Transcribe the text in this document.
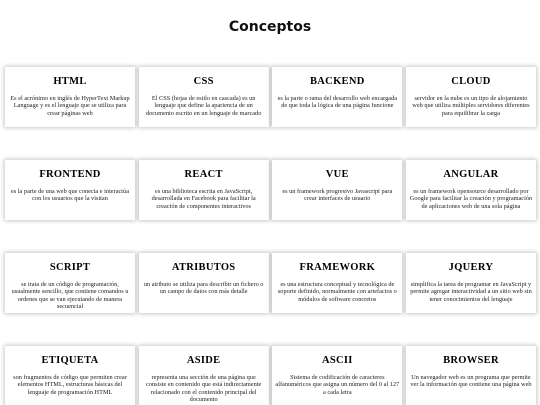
Conceptos
HTML

Es el acrónimo en inglés de HyperText Markup Language y es el lenguaje que se utiliza para crear páginas web

CSS

El CSS (hojas de estilo en cascada) es un lenguaje que define la apariencia de un documento escrito en un lenguaje de marcado

BACKEND

es la parte o rama del desarrollo web encargada de que toda la lógica de una página funcione

CLOUD

servidor en la nube es un tipo de alojamiento web que utiliza múltiples servidores diferentes para equilibrar la carga

FRONTEND

es la parte de una web que conecta e interactúa con los usuarios que la visitan

REACT

es una biblioteca escrita en JavaScript, desarrollada en Facebook para facilitar la creación de componentes interactivos

VUE

es un framework progresivo Javascript para crear interfaces de usuario

ANGULAR

es un framework opensource desarrollado por Google para facilitar la creación y programación de aplicaciones web de una sola página

SCRIPT

se trata de un código de programación, usualmente sencillo, que contiene comandos u ordenes que se van ejecutando de manera secuencial

ATRIBUTOS

un atributo se utiliza para describir un fichero o un campo de datos con más detalle

FRAMEWORK

es una estructura conceptual y tecnológica de soporte definido, normalmente con artefactos o módulos de software concretos

JQUERY

simplifica la tarea de programar en JavaScript y permite agregar interactividad a un sitio web sin tener conocimientos del lenguaje

ETIQUETA

son fragmentos de código que permiten crear elementos HTML, estructuras básicas del lenguaje de programación HTML

ASIDE

representa una sección de una página que consiste en contenido que está indirectamente relacionado con el contenido principal del documento

ASCII

Sistema de codificación de caracteres alfanuméricos que asigna un número del 0 al 127 a cada letra

BROWSER

Un navegador web es un programa que permite ver la información que contiene una página web
